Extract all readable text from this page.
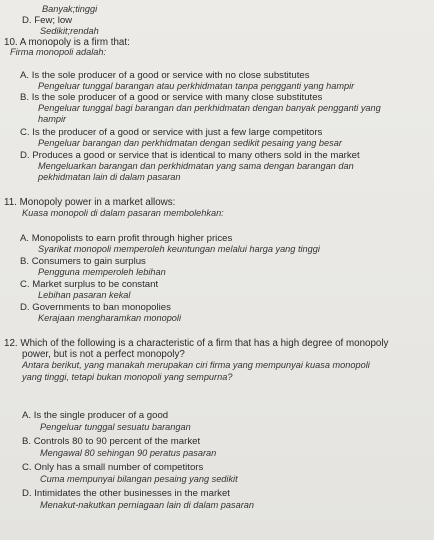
Banyak;tinggi
D. Few; low
Sedikit;rendah
10. A monopoly is a firm that:
Firma monopoli adalah:
A. Is the sole producer of a good or service with no close substitutes
Pengeluar tunggal barangan atau perkhidmatan tanpa pengganti yang hampir
B. Is the sole producer of a good or service with many close substitutes
Pengeluar tunggal bagi barangan dan perkhidmatan dengan banyak pengganti yang
hampir
C. Is the producer of a good or service with just a few large competitors
Pengeluar barangan dan perkhidmatan dengan sedikit pesaing yang besar
D. Produces a good or service that is identical to many others sold in the market
Mengeluarkan barangan dan perkhidmatan yang sama dengan barangan dan
pekhidmatan lain di dalam pasaran
11. Monopoly power in a market allows:
Kuasa monopoli di dalam pasaran membolehkan:
A. Monopolists to earn profit through higher prices
Syarikat monopoli memperoleh keuntungan melalui harga yang tinggi
B. Consumers to gain surplus
Pengguna memperoleh lebihan
C. Market surplus to be constant
Lebihan pasaran kekal
D. Governments to ban monopolies
Kerajaan mengharamkan monopoli
12. Which of the following is a characteristic of a firm that has a high degree of monopoly
power, but is not a perfect monopoly?
Antara berikut, yang manakah merupakan ciri firma yang mempunyai kuasa monopoli
yang tinggi, tetapi bukan monopoli yang sempurna?
A. Is the single producer of a good
Pengeluar tunggal sesuatu barangan
B. Controls 80 to 90 percent of the market
Mengawal 80 sehingan 90 peratus pasaran
C. Only has a small number of competitors
Cuma mempunyai bilangan pesaing yang sedikit
D. Intimidates the other businesses in the market
Menakut-nakutkan perniagaan lain di dalam pasaran
